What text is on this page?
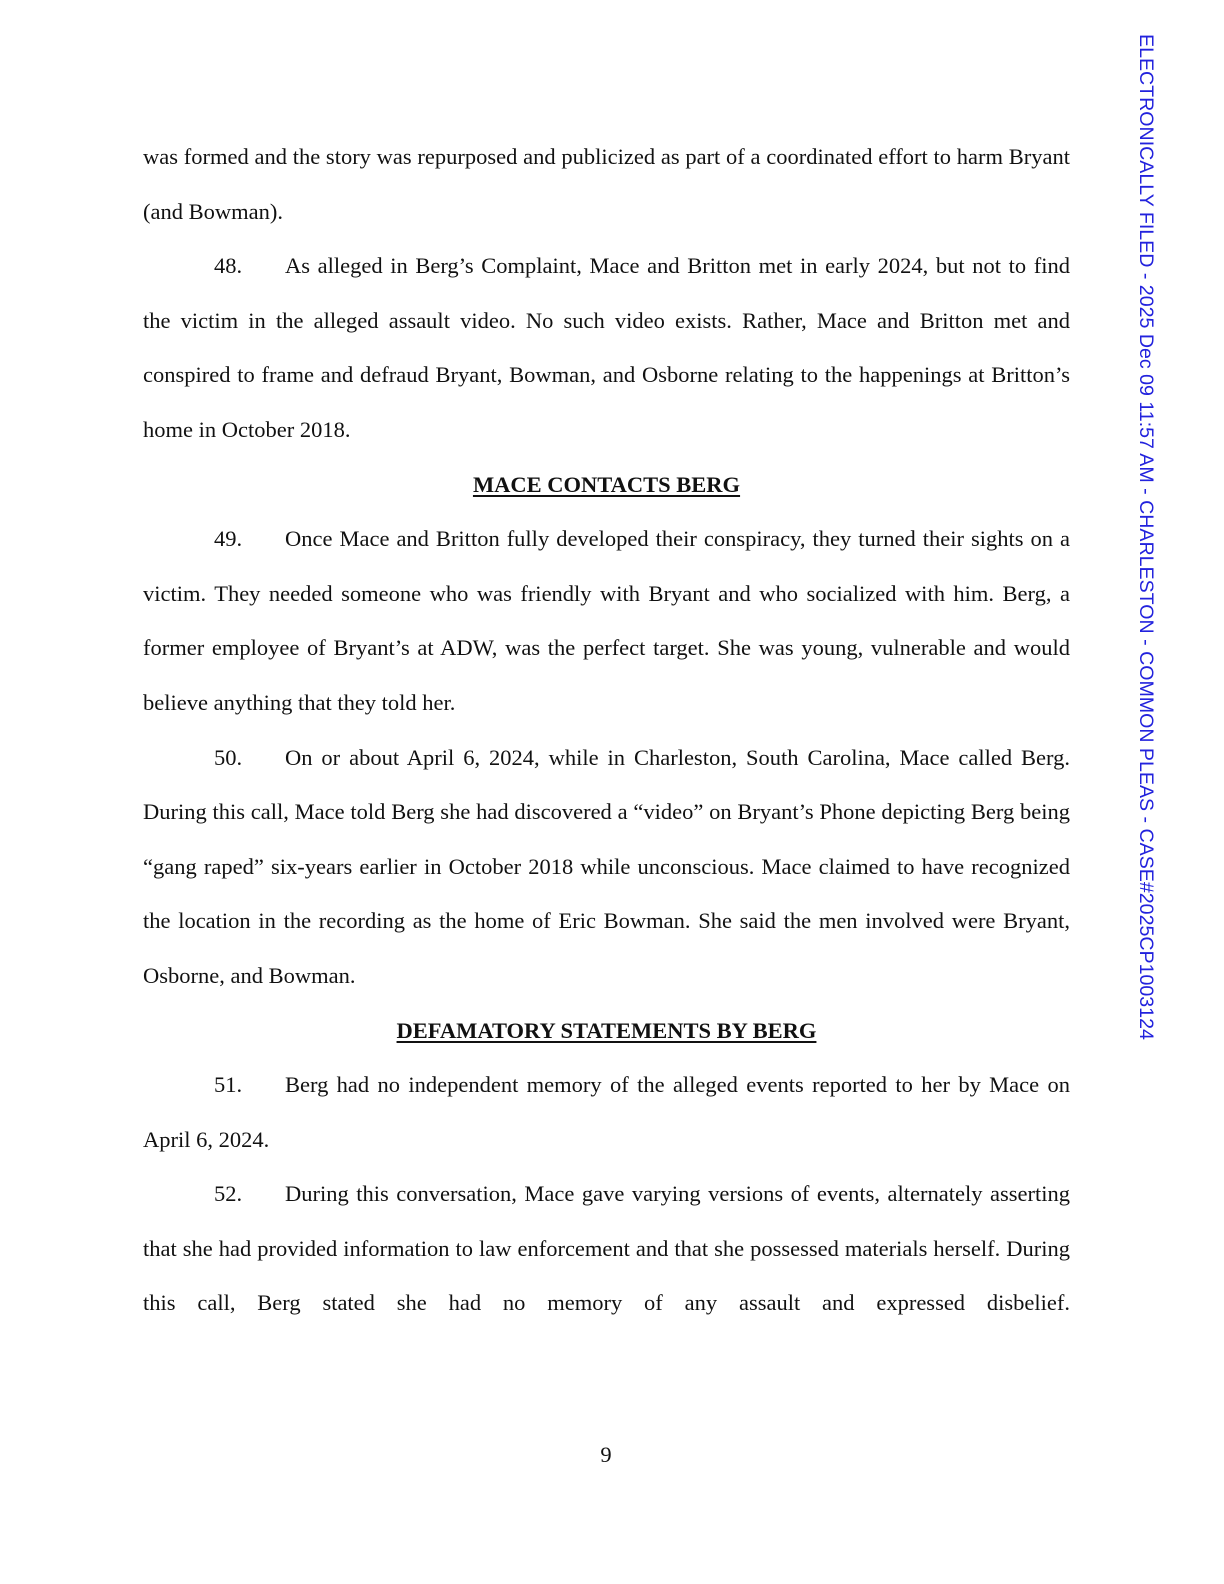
ELECTRONICALLY FILED - 2025 Dec 09 11:57 AM - CHARLESTON - COMMON PLEAS - CASE#2025CP1003124

was formed and the story was repurposed and publicized as part of a coordinated effort to harm Bryant (and Bowman).

48. As alleged in Berg’s Complaint, Mace and Britton met in early 2024, but not to find the victim in the alleged assault video. No such video exists. Rather, Mace and Britton met and conspired to frame and defraud Bryant, Bowman, and Osborne relating to the happenings at Britton’s home in October 2018.

MACE CONTACTS BERG

49. Once Mace and Britton fully developed their conspiracy, they turned their sights on a victim. They needed someone who was friendly with Bryant and who socialized with him. Berg, a former employee of Bryant’s at ADW, was the perfect target. She was young, vulnerable and would believe anything that they told her.

50. On or about April 6, 2024, while in Charleston, South Carolina, Mace called Berg. During this call, Mace told Berg she had discovered a “video” on Bryant’s Phone depicting Berg being “gang raped” six-years earlier in October 2018 while unconscious. Mace claimed to have recognized the location in the recording as the home of Eric Bowman. She said the men involved were Bryant, Osborne, and Bowman.

DEFAMATORY STATEMENTS BY BERG

51. Berg had no independent memory of the alleged events reported to her by Mace on April 6, 2024.

52. During this conversation, Mace gave varying versions of events, alternately asserting that she had provided information to law enforcement and that she possessed materials herself. During this call, Berg stated she had no memory of any assault and expressed disbelief.

9
